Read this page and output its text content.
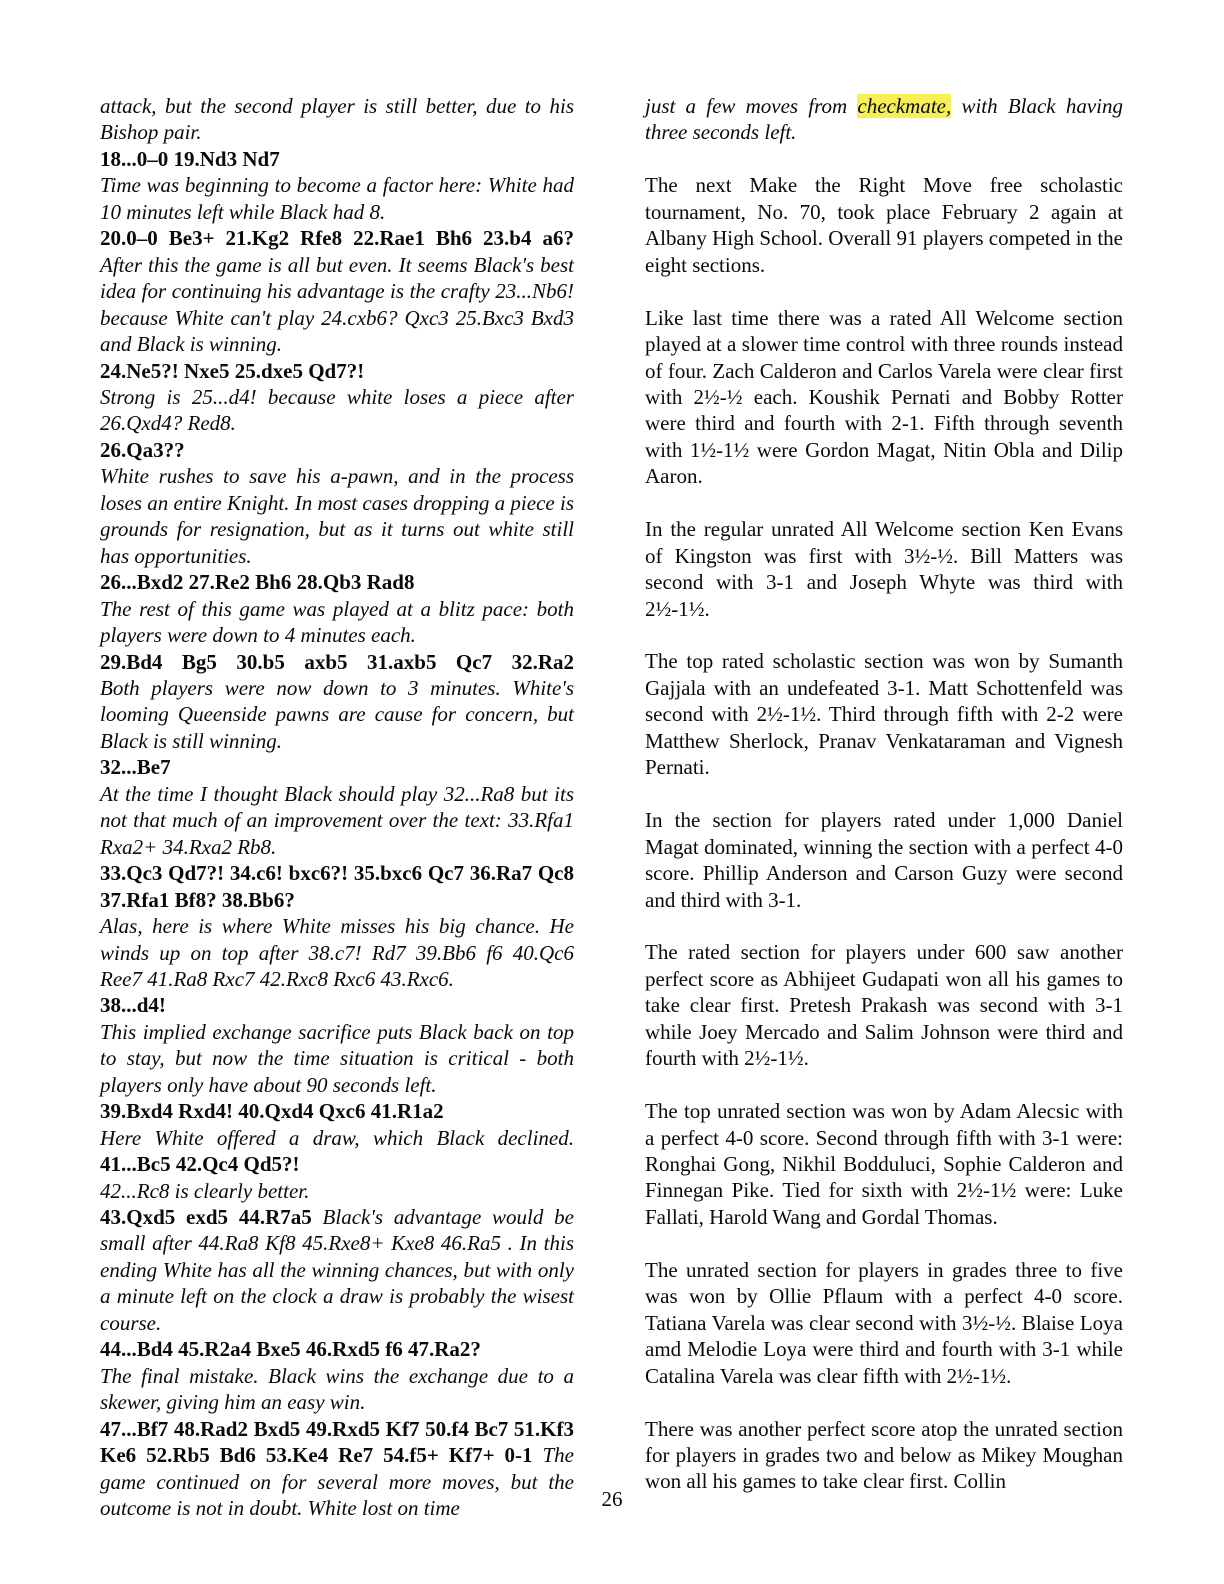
attack, but the second player is still better, due to his Bishop pair.

18...0–0 19.Nd3 Nd7

Time was beginning to become a factor here: White had 10 minutes left while Black had 8.

20.0–0 Be3+ 21.Kg2 Rfe8 22.Rae1 Bh6 23.b4 a6?

After this the game is all but even. It seems Black's best idea for continuing his advantage is the crafty 23...Nb6! because White can't play 24.cxb6? Qxc3 25.Bxc3 Bxd3 and Black is winning.

24.Ne5?! Nxe5 25.dxe5 Qd7?!

Strong is 25...d4! because white loses a piece after 26.Qxd4? Red8.

26.Qa3??

White rushes to save his a-pawn, and in the process loses an entire Knight. In most cases dropping a piece is grounds for resignation, but as it turns out white still has opportunities.

26...Bxd2 27.Re2 Bh6 28.Qb3 Rad8

The rest of this game was played at a blitz pace: both players were down to 4 minutes each.

29.Bd4 Bg5 30.b5 axb5 31.axb5 Qc7 32.Ra2

Both players were now down to 3 minutes. White's looming Queenside pawns are cause for concern, but Black is still winning.

32...Be7

At the time I thought Black should play 32...Ra8 but its not that much of an improvement over the text: 33.Rfa1 Rxa2+ 34.Rxa2 Rb8.

33.Qc3 Qd7?! 34.c6! bxc6?! 35.bxc6 Qc7 36.Ra7 Qc8 37.Rfa1 Bf8? 38.Bb6?

Alas, here is where White misses his big chance. He winds up on top after 38.c7! Rd7 39.Bb6 f6 40.Qc6 Ree7 41.Ra8 Rxc7 42.Rxc8 Rxc6 43.Rxc6.

38...d4!

This implied exchange sacrifice puts Black back on top to stay, but now the time situation is critical - both players only have about 90 seconds left.

39.Bxd4 Rxd4! 40.Qxd4 Qxc6 41.R1a2

Here White offered a draw, which Black declined. 41...Bc5 42.Qc4 Qd5?!

42...Rc8 is clearly better.

43.Qxd5 exd5 44.R7a5 Black's advantage would be small after 44.Ra8 Kf8 45.Rxe8+ Kxe8 46.Ra5 . In this ending White has all the winning chances, but with only a minute left on the clock a draw is probably the wisest course.

44...Bd4 45.R2a4 Bxe5 46.Rxd5 f6 47.Ra2?

The final mistake. Black wins the exchange due to a skewer, giving him an easy win.

47...Bf7 48.Rad2 Bxd5 49.Rxd5 Kf7 50.f4 Bc7 51.Kf3 Ke6 52.Rb5 Bd6 53.Ke4 Re7 54.f5+ Kf7+ 0-1 The game continued on for several more moves, but the outcome is not in doubt. White lost on time

just a few moves from checkmate, with Black having three seconds left.

The next Make the Right Move free scholastic tournament, No. 70, took place February 2 again at Albany High School. Overall 91 players competed in the eight sections.

Like last time there was a rated All Welcome section played at a slower time control with three rounds instead of four. Zach Calderon and Carlos Varela were clear first with 2½-½ each. Koushik Pernati and Bobby Rotter were third and fourth with 2-1. Fifth through seventh with 1½-1½ were Gordon Magat, Nitin Obla and Dilip Aaron.

In the regular unrated All Welcome section Ken Evans of Kingston was first with 3½-½. Bill Matters was second with 3-1 and Joseph Whyte was third with 2½-1½.

The top rated scholastic section was won by Sumanth Gajjala with an undefeated 3-1. Matt Schottenfeld was second with 2½-1½. Third through fifth with 2-2 were Matthew Sherlock, Pranav Venkataraman and Vignesh Pernati.

In the section for players rated under 1,000 Daniel Magat dominated, winning the section with a perfect 4-0 score. Phillip Anderson and Carson Guzy were second and third with 3-1.

The rated section for players under 600 saw another perfect score as Abhijeet Gudapati won all his games to take clear first. Pretesh Prakash was second with 3-1 while Joey Mercado and Salim Johnson were third and fourth with 2½-1½.

The top unrated section was won by Adam Alecsic with a perfect 4-0 score. Second through fifth with 3-1 were: Ronghai Gong, Nikhil Bodduluci, Sophie Calderon and Finnegan Pike. Tied for sixth with 2½-1½ were: Luke Fallati, Harold Wang and Gordal Thomas.

The unrated section for players in grades three to five was won by Ollie Pflaum with a perfect 4-0 score. Tatiana Varela was clear second with 3½-½. Blaise Loya amd Melodie Loya were third and fourth with 3-1 while Catalina Varela was clear fifth with 2½-1½.

There was another perfect score atop the unrated section for players in grades two and below as Mikey Moughan won all his games to take clear first. Collin

26
